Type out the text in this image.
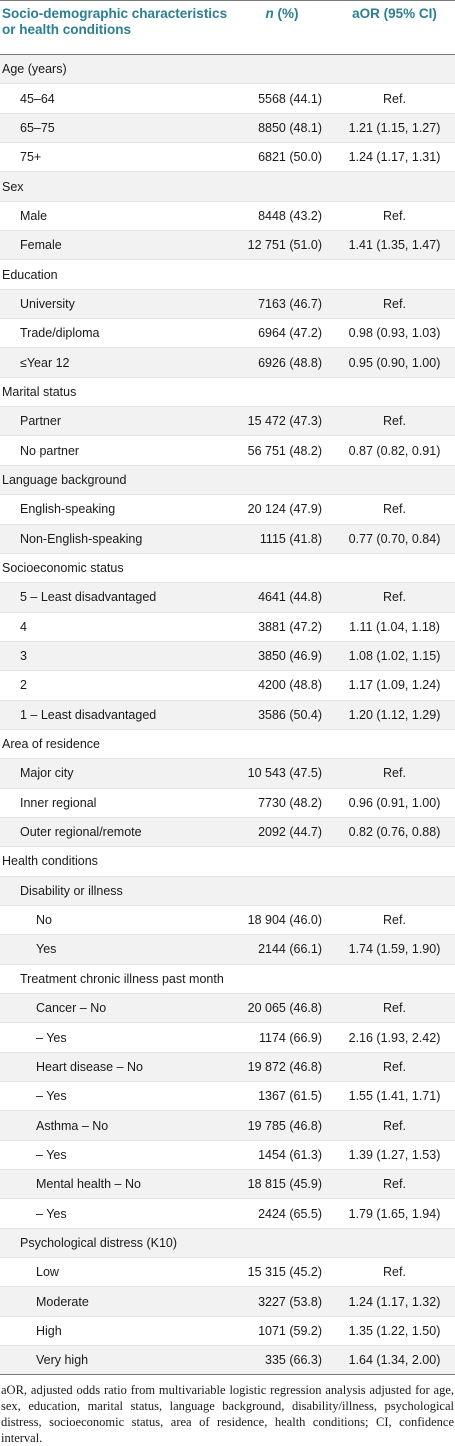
Socio-demographic characteristics or health conditions	n (%)	aOR (95% CI)
Age (years)		
45–64	5568 (44.1)	Ref.
65–75	8850 (48.1)	1.21 (1.15, 1.27)
75+	6821 (50.0)	1.24 (1.17, 1.31)
Sex		
Male	8448 (43.2)	Ref.
Female	12 751 (51.0)	1.41 (1.35, 1.47)
Education		
University	7163 (46.7)	Ref.
Trade/diploma	6964 (47.2)	0.98 (0.93, 1.03)
≤Year 12	6926 (48.8)	0.95 (0.90, 1.00)
Marital status		
Partner	15 472 (47.3)	Ref.
No partner	56 751 (48.2)	0.87 (0.82, 0.91)
Language background		
English-speaking	20 124 (47.9)	Ref.
Non-English-speaking	1115 (41.8)	0.77 (0.70, 0.84)
Socioeconomic status		
5 – Least disadvantaged	4641 (44.8)	Ref.
4	3881 (47.2)	1.11 (1.04, 1.18)
3	3850 (46.9)	1.08 (1.02, 1.15)
2	4200 (48.8)	1.17 (1.09, 1.24)
1 – Least disadvantaged	3586 (50.4)	1.20 (1.12, 1.29)
Area of residence		
Major city	10 543 (47.5)	Ref.
Inner regional	7730 (48.2)	0.96 (0.91, 1.00)
Outer regional/remote	2092 (44.7)	0.82 (0.76, 0.88)
Health conditions		
Disability or illness		
No	18 904 (46.0)	Ref.
Yes	2144 (66.1)	1.74 (1.59, 1.90)
Treatment chronic illness past month		
Cancer – No	20 065 (46.8)	Ref.
– Yes	1174 (66.9)	2.16 (1.93, 2.42)
Heart disease – No	19 872 (46.8)	Ref.
– Yes	1367 (61.5)	1.55 (1.41, 1.71)
Asthma – No	19 785 (46.8)	Ref.
– Yes	1454 (61.3)	1.39 (1.27, 1.53)
Mental health – No	18 815 (45.9)	Ref.
– Yes	2424 (65.5)	1.79 (1.65, 1.94)
Psychological distress (K10)		
Low	15 315 (45.2)	Ref.
Moderate	3227 (53.8)	1.24 (1.17, 1.32)
High	1071 (59.2)	1.35 (1.22, 1.50)
Very high	335 (66.3)	1.64 (1.34, 2.00)
aOR, adjusted odds ratio from multivariable logistic regression analysis adjusted for age, sex, education, marital status, language background, disability/illness, psychological distress, socioeconomic status, area of residence, health conditions; CI, confidence interval.
